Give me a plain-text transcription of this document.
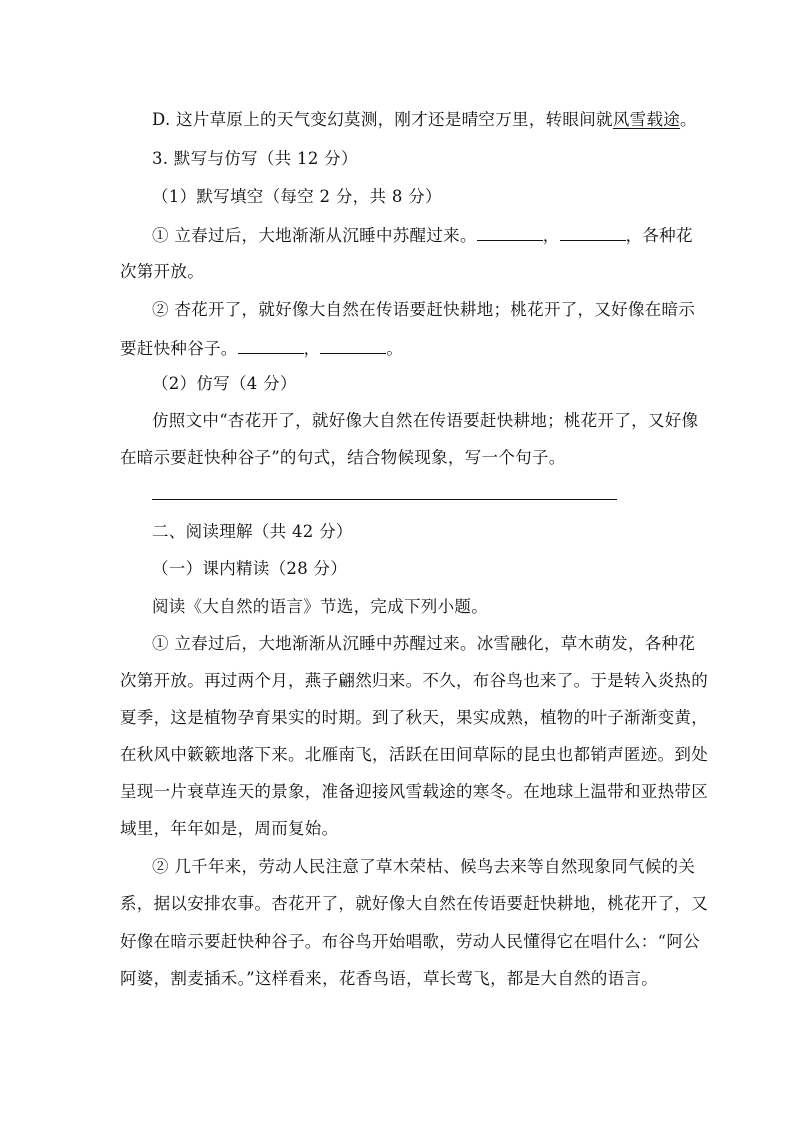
D. 这片草原上的天气变幻莫测，刚才还是晴空万里，转眼间就风雪载途。
3. 默写与仿写（共 12 分）
（1）默写填空（每空 2 分，共 8 分）
① 立春过后，大地渐渐从沉睡中苏醒过来。	，	，各种花
次第开放。
② 杏花开了，就好像大自然在传语要赶快耕地；桃花开了，又好像在暗示
要赶快种谷子。	，	。
（2）仿写（4 分）
仿照文中“杏花开了，就好像大自然在传语要赶快耕地；桃花开了，又好像
在暗示要赶快种谷子”的句式，结合物候现象，写一个句子。
二、阅读理解（共 42 分）
（一）课内精读（28 分）
阅读《大自然的语言》节选，完成下列小题。
① 立春过后，大地渐渐从沉睡中苏醒过来。冰雪融化，草木萌发，各种花
次第开放。再过两个月，燕子翩然归来。不久，布谷鸟也来了。于是转入炎热的
夏季，这是植物孕育果实的时期。到了秋天，果实成熟，植物的叶子渐渐变黄，
在秋风中簌簌地落下来。北雁南飞，活跃在田间草际的昆虫也都销声匿迹。到处
呈现一片衰草连天的景象，准备迎接风雪载途的寒冬。在地球上温带和亚热带区
域里，年年如是，周而复始。
② 几千年来，劳动人民注意了草木荣枯、候鸟去来等自然现象同气候的关
系，据以安排农事。杏花开了，就好像大自然在传语要赶快耕地，桃花开了，又
好像在暗示要赶快种谷子。布谷鸟开始唱歌，劳动人民懂得它在唱什么：“阿公
阿婆，割麦插禾。”这样看来，花香鸟语，草长莺飞，都是大自然的语言。
